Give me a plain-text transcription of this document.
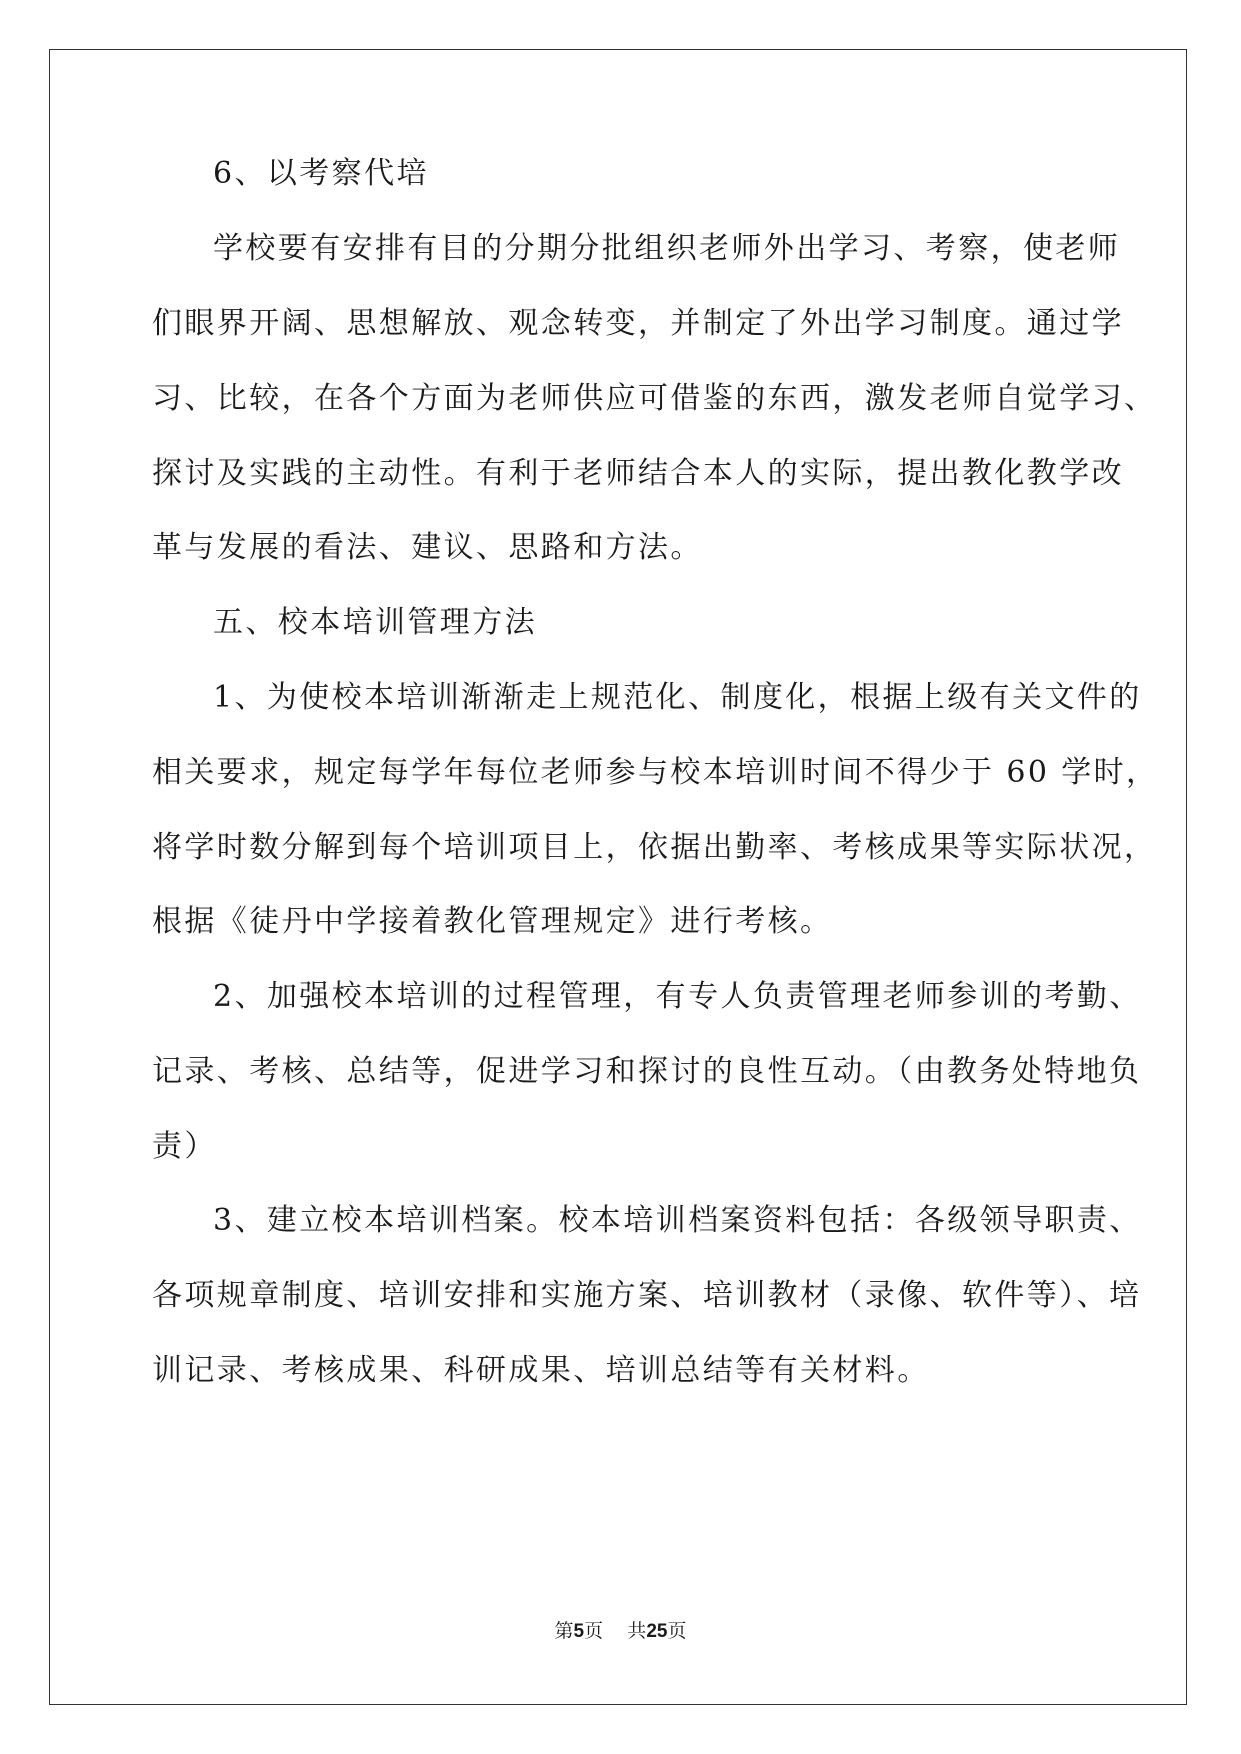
6、以考察代培
学校要有安排有目的分期分批组织老师外出学习、考察，使老师
们眼界开阔、思想解放、观念转变，并制定了外出学习制度。通过学
习、比较，在各个方面为老师供应可借鉴的东西，激发老师自觉学习、
探讨及实践的主动性。有利于老师结合本人的实际，提出教化教学改
革与发展的看法、建议、思路和方法。
五、校本培训管理方法
1、为使校本培训渐渐走上规范化、制度化，根据上级有关文件的
相关要求，规定每学年每位老师参与校本培训时间不得少于 60 学时，
将学时数分解到每个培训项目上，依据出勤率、考核成果等实际状况，
根据《徒丹中学接着教化管理规定》进行考核。
2、加强校本培训的过程管理，有专人负责管理老师参训的考勤、
记录、考核、总结等，促进学习和探讨的良性互动。（由教务处特地负
责）
3、建立校本培训档案。校本培训档案资料包括：各级领导职责、
各项规章制度、培训安排和实施方案、培训教材（录像、软件等）、培
训记录、考核成果、科研成果、培训总结等有关材料。
第5页 共25页
